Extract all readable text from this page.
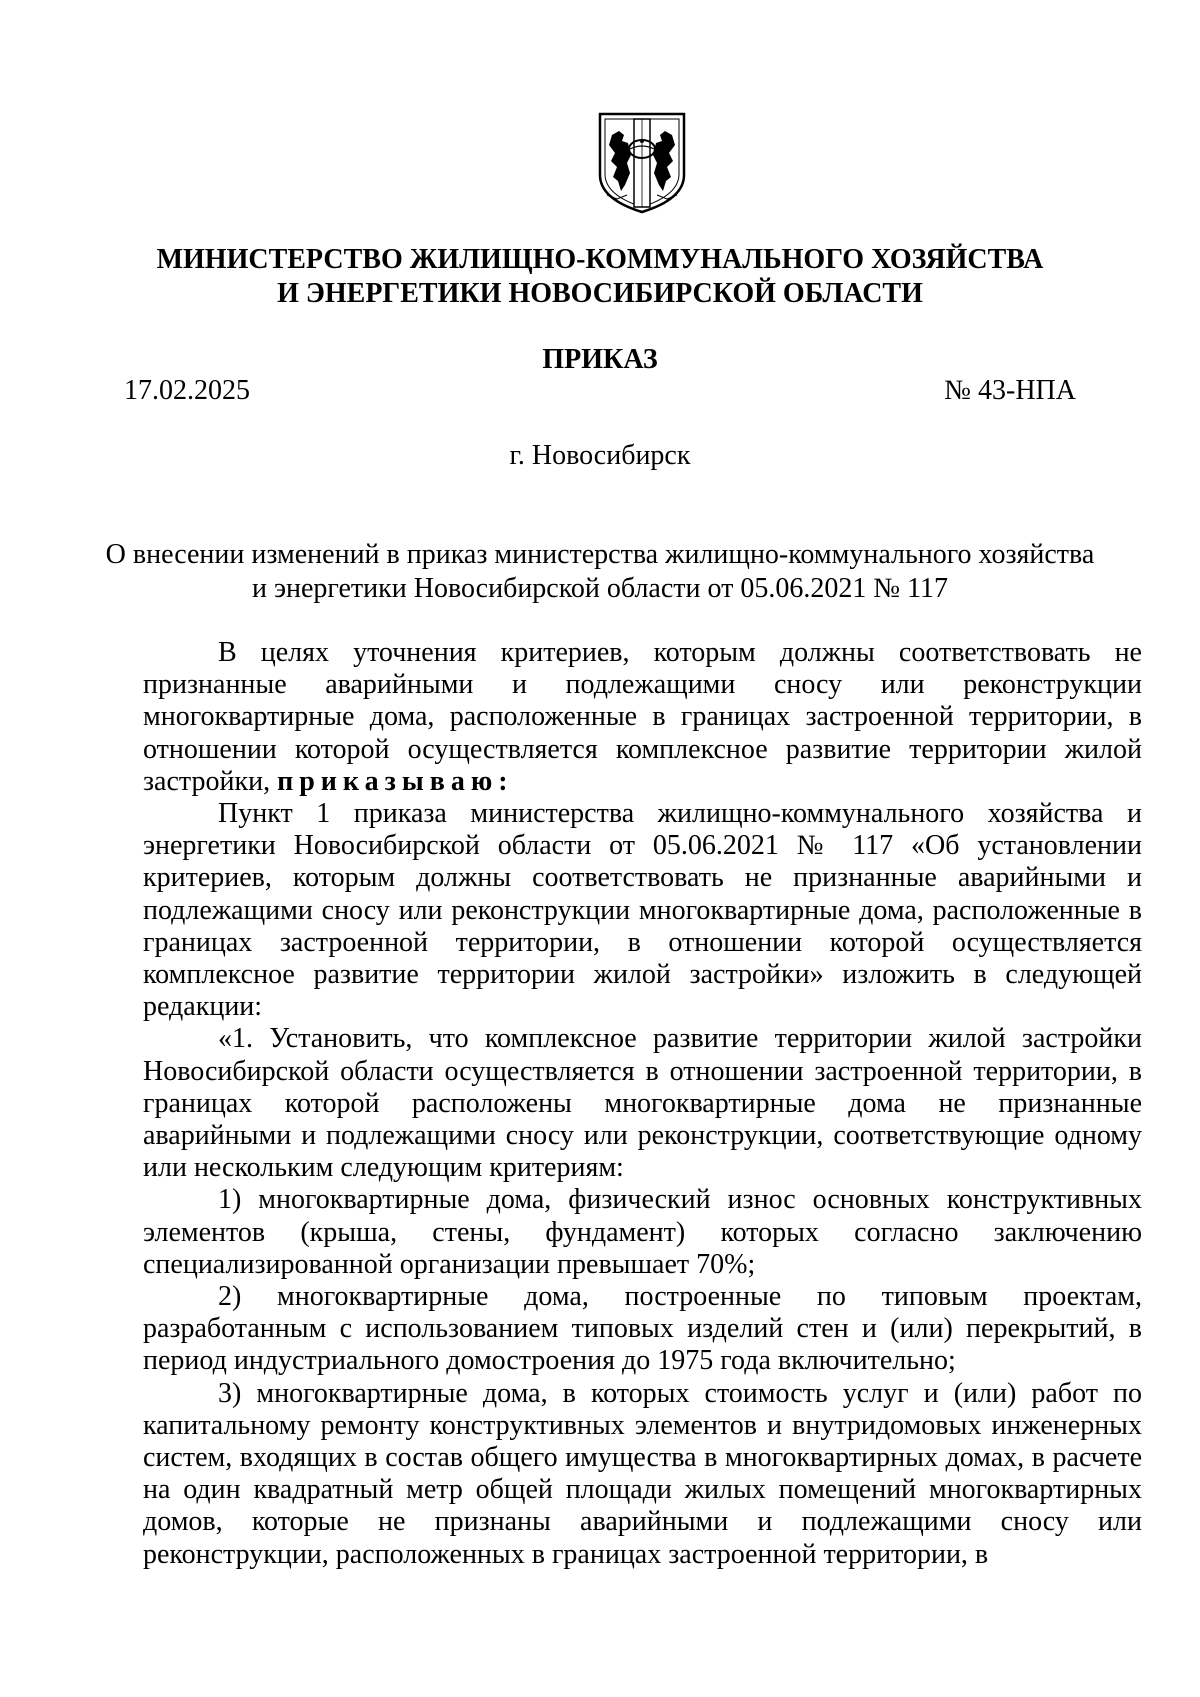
МИНИСТЕРСТВО ЖИЛИЩНО-КОММУНАЛЬНОГО ХОЗЯЙСТВА
И ЭНЕРГЕТИКИ НОВОСИБИРСКОЙ ОБЛАСТИ
ПРИКАЗ
17.02.2025	№ 43-НПА
г. Новосибирск
О внесении изменений в приказ министерства жилищно-коммунального хозяйства
и энергетики Новосибирской области от 05.06.2021 № 117

В целях уточнения критериев, которым должны соответствовать не признанные аварийными и подлежащими сносу или реконструкции многоквартирные дома, расположенные в границах застроенной территории, в отношении которой осуществляется комплексное развитие территории жилой застройки, приказываю:

Пункт 1 приказа министерства жилищно-коммунального хозяйства и энергетики Новосибирской области от 05.06.2021 № 117 «Об установлении критериев, которым должны соответствовать не признанные аварийными и подлежащими сносу или реконструкции многоквартирные дома, расположенные в границах застроенной территории, в отношении которой осуществляется комплексное развитие территории жилой застройки» изложить в следующей редакции:

«1. Установить, что комплексное развитие территории жилой застройки Новосибирской области осуществляется в отношении застроенной территории, в границах которой расположены многоквартирные дома не признанные аварийными и подлежащими сносу или реконструкции, соответствующие одному или нескольким следующим критериям:

1) многоквартирные дома, физический износ основных конструктивных элементов (крыша, стены, фундамент) которых согласно заключению специализированной организации превышает 70%;

2) многоквартирные дома, построенные по типовым проектам, разработанным с использованием типовых изделий стен и (или) перекрытий, в период индустриального домостроения до 1975 года включительно;

3) многоквартирные дома, в которых стоимость услуг и (или) работ по капитальному ремонту конструктивных элементов и внутридомовых инженерных систем, входящих в состав общего имущества в многоквартирных домах, в расчете на один квадратный метр общей площади жилых помещений многоквартирных домов, которые не признаны аварийными и подлежащими сносу или реконструкции, расположенных в границах застроенной территории, в
